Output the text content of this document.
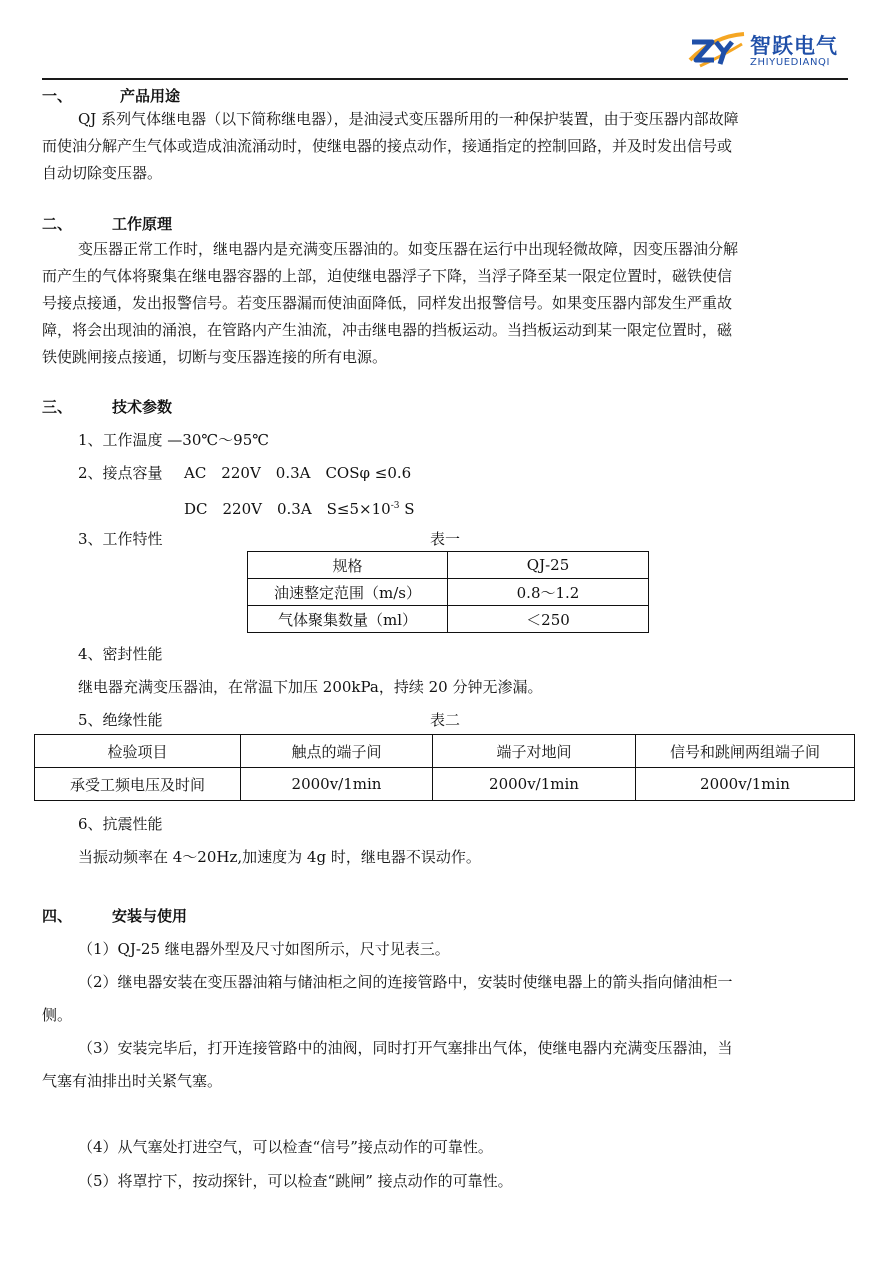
智跃电气
ZHIYUEDIANQI
一、	产品用途
QJ 系列气体继电器（以下简称继电器），是油浸式变压器所用的一种保护装置，由于变压器内部故障
而使油分解产生气体或造成油流涌动时，使继电器的接点动作，接通指定的控制回路，并及时发出信号或
自动切除变压器。
二、	工作原理
变压器正常工作时，继电器内是充满变压器油的。如变压器在运行中出现轻微故障，因变压器油分解
而产生的气体将聚集在继电器容器的上部，迫使继电器浮子下降，当浮子降至某一限定位置时，磁铁使信
号接点接通，发出报警信号。若变压器漏而使油面降低，同样发出报警信号。如果变压器内部发生严重故
障，将会出现油的涌浪，在管路内产生油流，冲击继电器的挡板运动。当挡板运动到某一限定位置时，磁
铁使跳闸接点接通，切断与变压器连接的所有电源。
三、	技术参数
1、工作温度 —30℃～95℃
2、接点容量 AC　220V　0.3A　COSφ ≤0.6
DC　220V　0.3A　$S\le 5\times 10^{-3}$ S
3、工作特性	表一
规格	QJ-25
油速整定范围（m/s）	0.8～1.2
气体聚集数量（ml）	＜250
4、密封性能
继电器充满变压器油，在常温下加压 200kPa，持续 20 分钟无渗漏。
5、绝缘性能	表二
检验项目	触点的端子间	端子对地间	信号和跳闸两组端子间
承受工频电压及时间	2000v/1min	2000v/1min	2000v/1min
6、抗震性能
当振动频率在 4～20Hz,加速度为 4g 时，继电器不误动作。
四、	安装与使用
（1）QJ-25 继电器外型及尺寸如图所示，尺寸见表三。
（2）继电器安装在变压器油箱与储油柜之间的连接管路中，安装时使继电器上的箭头指向储油柜一
侧。
（3）安装完毕后，打开连接管路中的油阀，同时打开气塞排出气体，使继电器内充满变压器油，当
气塞有油排出时关紧气塞。
（4）从气塞处打进空气，可以检查“信号”接点动作的可靠性。
（5）将罩拧下，按动探针，可以检查“跳闸” 接点动作的可靠性。
